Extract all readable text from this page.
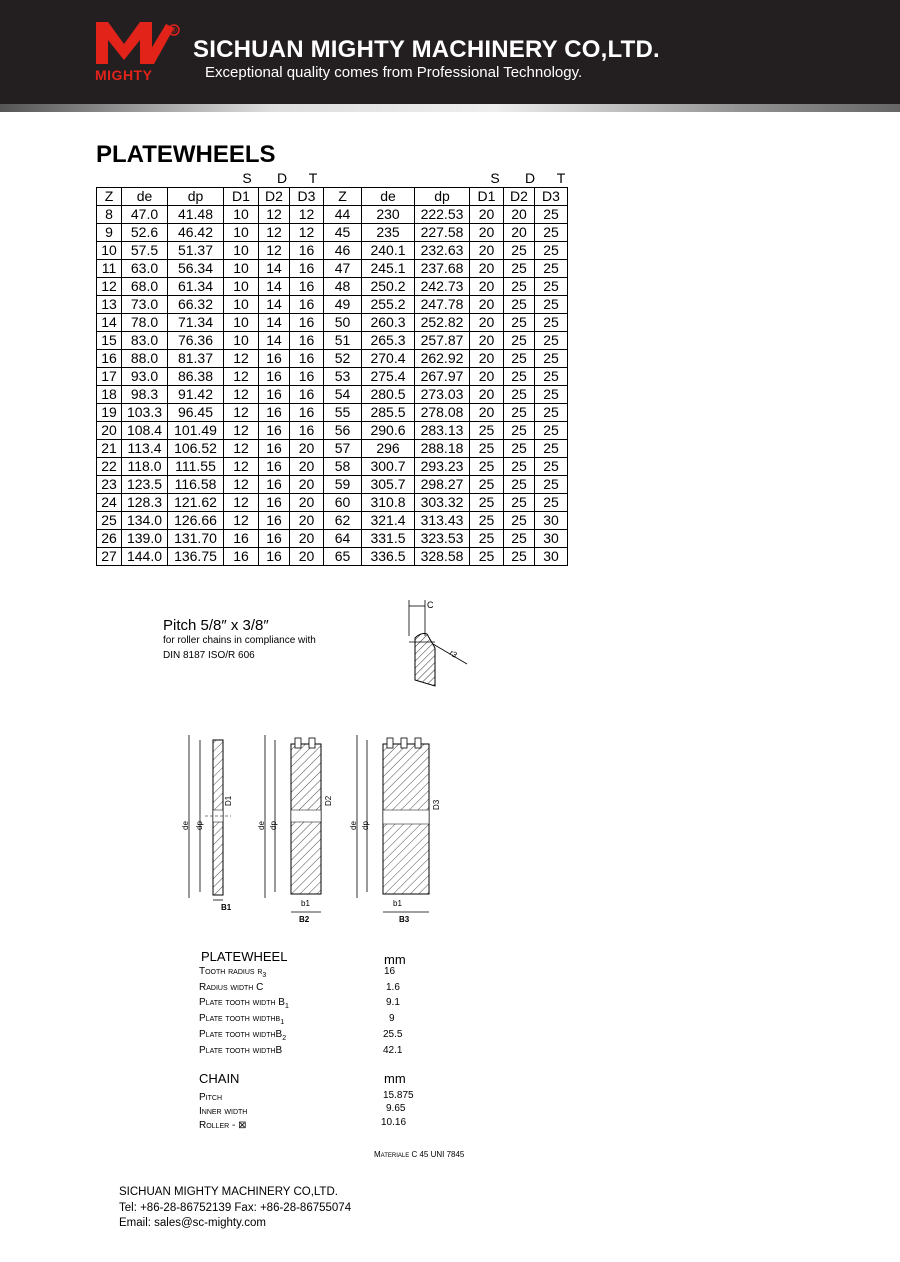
®
MIGHTY
SICHUAN MIGHTY MACHINERY CO,LTD.
Exceptional quality comes from Professional Technology.
PLATEWHEELS
S	D	T	S	D	T
Z	de	dp	D1	D2	D3	Z	de	dp	D1	D2	D3
8	47.0	41.48	10	12	12	44	230	222.53	20	20	25
9	52.6	46.42	10	12	12	45	235	227.58	20	20	25
10	57.5	51.37	10	12	16	46	240.1	232.63	20	25	25
11	63.0	56.34	10	14	16	47	245.1	237.68	20	25	25
12	68.0	61.34	10	14	16	48	250.2	242.73	20	25	25
13	73.0	66.32	10	14	16	49	255.2	247.78	20	25	25
14	78.0	71.34	10	14	16	50	260.3	252.82	20	25	25
15	83.0	76.36	10	14	16	51	265.3	257.87	20	25	25
16	88.0	81.37	12	16	16	52	270.4	262.92	20	25	25
17	93.0	86.38	12	16	16	53	275.4	267.97	20	25	25
18	98.3	91.42	12	16	16	54	280.5	273.03	20	25	25
19	103.3	96.45	12	16	16	55	285.5	278.08	20	25	25
20	108.4	101.49	12	16	16	56	290.6	283.13	25	25	25
21	113.4	106.52	12	16	20	57	296	288.18	25	25	25
22	118.0	111.55	12	16	20	58	300.7	293.23	25	25	25
23	123.5	116.58	12	16	20	59	305.7	298.27	25	25	25
24	128.3	121.62	12	16	20	60	310.8	303.32	25	25	25
25	134.0	126.66	12	16	20	62	321.4	313.43	25	25	30
26	139.0	131.70	16	16	20	64	331.5	323.53	25	25	30
27	144.0	136.75	16	16	20	65	336.5	328.58	25	25	30
Pitch 5/8″ x 3/8″
for roller chains in compliance with
DIN 8187 ISO/R 606
C
r3
de dp
D1
B1
de dp
D2
b1
B2
de dp
D3
b1
B3
PLATEWHEEL	mm
Tooth radius $r_3$	16
Radius width C	1.6
Plate tooth width $B_1$	9.1
Plate tooth widthb$_1$	9
Plate tooth widthB$_2$	25.5
Plate tooth widthB	42.1
CHAIN	mm
Pitch	15.875
Inner width	9.65
Roller - ⊠	10.16
Materiale C 45 UNI 7845
SICHUAN MIGHTY MACHINERY CO,LTD.
Tel: +86-28-86752139 Fax: +86-28-86755074
Email: sales@sc-mighty.com
